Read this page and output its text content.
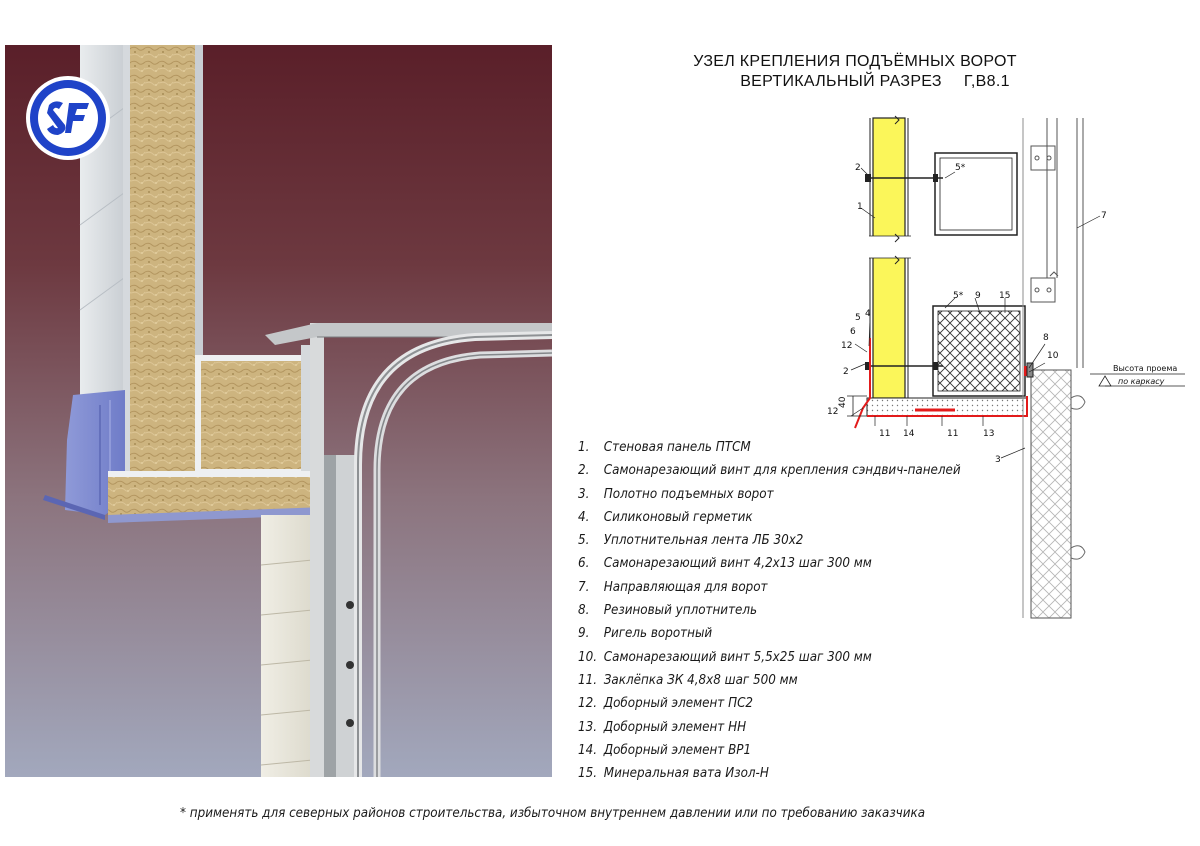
УЗЕЛ КРЕПЛЕНИЯ ПОДЪЁМНЫХ ВОРОТ
ВЕРТИКАЛЬНЫЙ РАЗРЕЗ Г,В8.1
2
1
5*
7
5* 9 15
5 4
6
12
2
8
10
40
12
11 14	11	13
3
Высота проема
по каркасу
1. Стеновая панель ПТСМ
2. Самонарезающий винт для крепления сэндвич-панелей
3. Полотно подъемных ворот
4. Силиконовый герметик
5. Уплотнительная лента ЛБ 30х2
6. Самонарезающий винт 4,2х13 шаг 300 мм
7. Направляющая для ворот
8. Резиновый уплотнитель
9. Ригель воротный
10. Самонарезающий винт 5,5х25 шаг 300 мм
11. Заклёпка ЗК 4,8х8 шаг 500 мм
12. Доборный элемент ПС2
13. Доборный элемент НН
14. Доборный элемент ВР1
15. Минеральная вата Изол-Н
* применять для северных районов строительства, избыточном внутреннем давлении или по требованию заказчика
